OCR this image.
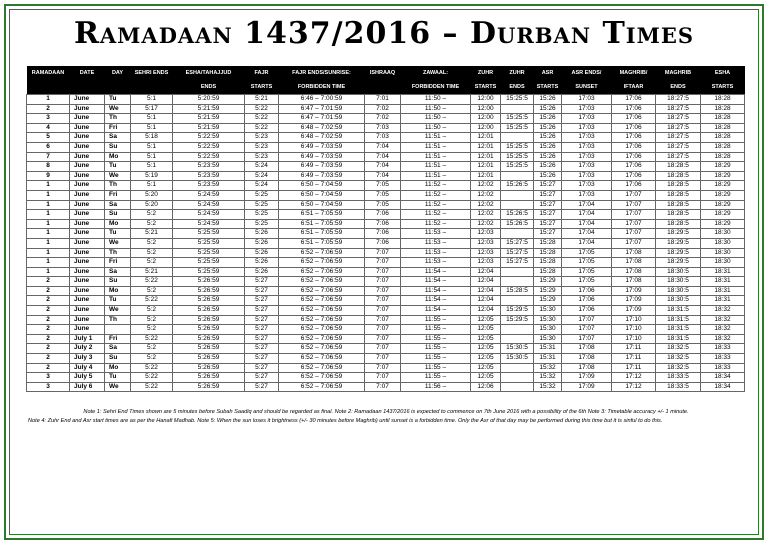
Ramadaan 1437/2016 – Durban Times
RAMADAAN	DATE	DAY	SEHRI ENDS	ESHA/TAHAJJUD	FAJR	FAJR ENDS/SUNRISE:	ISHRAAQ	ZAWAAL:	ZUHR	ZUHR	ASR	ASR ENDS/	MAGHRIB/	MAGHRIB	ESHA
				ENDS	STARTS	FORBIDDEN TIME		FORBIDDEN TIME	STARTS	ENDS	STARTS	SUNSET	IFTAAR	ENDS	STARTS
1	June	Tu	5:1	5:20:59	5:21	6:46 – 7:00:59	7:01	11:50 –	12:00	15:25:5	15:26	17:03	17:06	18:27:5	18:28
2	June	We	5:17	5:21:59	5:22	6:47 – 7:01:59	7:02	11:50 –	12:00		15:26	17:03	17:06	18:27:5	18:28
3	June	Th	5:1	5:21:59	5:22	6:47 – 7:01:59	7:02	11:50 –	12:00	15:25:5	15:26	17:03	17:06	18:27:5	18:28
4	June	Fri	5:1	5:21:59	5:22	6:48 – 7:02:59	7:03	11:50 –	12:00	15:25:5	15:26	17:03	17:06	18:27:5	18:28
5	June	Sa	5:18	5:22:59	5:23	6:48 – 7:02:59	7:03	11:51 –	12:01		15:26	17:03	17:06	18:27:5	18:28
6	June	Su	5:1	5:22:59	5:23	6:49 – 7:03:59	7:04	11:51 –	12:01	15:25:5	15:26	17:03	17:06	18:27:5	18:28
7	June	Mo	5:1	5:22:59	5:23	6:49 – 7:03:59	7:04	11:51 –	12:01	15:25:5	15:26	17:03	17:06	18:27:5	18:28
8	June	Tu	5:1	5:23:59	5:24	6:49 – 7:03:59	7:04	11:51 –	12:01	15:25:5	15:26	17:03	17:06	18:28:5	18:29
9	June	We	5:19	5:23:59	5:24	6:49 – 7:03:59	7:04	11:51 –	12:01		15:26	17:03	17:06	18:28:5	18:29
1	June	Th	5:1	5:23:59	5:24	6:50 – 7:04:59	7:05	11:52 –	12:02	15:26:5	15:27	17:03	17:06	18:28:5	18:29
1	June	Fri	5:20	5:24:59	5:25	6:50 – 7:04:59	7:05	11:52 –	12:02		15:27	17:03	17:07	18:28:5	18:29
1	June	Sa	5:20	5:24:59	5:25	6:50 – 7:04:59	7:05	11:52 –	12:02		15:27	17:04	17:07	18:28:5	18:29
1	June	Su	5:2	5:24:59	5:25	6:51 – 7:05:59	7:06	11:52 –	12:02	15:26:5	15:27	17:04	17:07	18:28:5	18:29
1	June	Mo	5:2	5:24:59	5:25	6:51 – 7:05:59	7:06	11:52 –	12:02	15:26:5	15:27	17:04	17:07	18:28:5	18:29
1	June	Tu	5:21	5:25:59	5:26	6:51 – 7:05:59	7:06	11:53 –	12:03		15:27	17:04	17:07	18:29:5	18:30
1	June	We	5:2	5:25:59	5:26	6:51 – 7:05:59	7:06	11:53 –	12:03	15:27:5	15:28	17:04	17:07	18:29:5	18:30
1	June	Th	5:2	5:25:59	5:26	6:52 – 7:06:59	7:07	11:53 –	12:03	15:27:5	15:28	17:05	17:08	18:29:5	18:30
1	June	Fri	5:2	5:25:59	5:26	6:52 – 7:06:59	7:07	11:53 –	12:03	15:27:5	15:28	17:05	17:08	18:29:5	18:30
1	June	Sa	5:21	5:25:59	5:26	6:52 – 7:06:59	7:07	11:54 –	12:04		15:28	17:05	17:08	18:30:5	18:31
2	June	Su	5:22	5:26:59	5:27	6:52 – 7:06:59	7:07	11:54 –	12:04		15:29	17:05	17:08	18:30:5	18:31
2	June	Mo	5:2	5:26:59	5:27	6:52 – 7:06:59	7:07	11:54 –	12:04	15:28:5	15:29	17:06	17:09	18:30:5	18:31
2	June	Tu	5:22	5:26:59	5:27	6:52 – 7:06:59	7:07	11:54 –	12:04		15:29	17:06	17:09	18:30:5	18:31
2	June	We	5:2	5:26:59	5:27	6:52 – 7:06:59	7:07	11:54 –	12:04	15:29:5	15:30	17:06	17:09	18:31:5	18:32
2	June	Th	5:2	5:26:59	5:27	6:52 – 7:06:59	7:07	11:55 –	12:05	15:29:5	15:30	17:07	17:10	18:31:5	18:32
2	June		5:2	5:26:59	5:27	6:52 – 7:06:59	7:07	11:55 –	12:05		15:30	17:07	17:10	18:31:5	18:32
2	July 1	Fri	5:22	5:26:59	5:27	6:52 – 7:06:59	7:07	11:55 –	12:05		15:30	17:07	17:10	18:31:5	18:32
2	July 2	Sa	5:2	5:26:59	5:27	6:52 – 7:06:59	7:07	11:55 –	12:05	15:30:5	15:31	17:08	17:11	18:32:5	18:33
2	July 3	Su	5:2	5:26:59	5:27	6:52 – 7:06:59	7:07	11:55 –	12:05	15:30:5	15:31	17:08	17:11	18:32:5	18:33
2	July 4	Mo	5:22	5:26:59	5:27	6:52 – 7:06:59	7:07	11:55 –	12:05		15:32	17:08	17:11	18:32:5	18:33
3	July 5	Tu	5:22	5:26:59	5:27	6:52 – 7:06:59	7:07	11:55 –	12:05		15:32	17:09	17:12	18:33:5	18:34
3	July 6	We	5:22	5:26:59	5:27	6:52 – 7:06:59	7:07	11:56 –	12:06		15:32	17:09	17:12	18:33:5	18:34
Note 1: Sehri End Times shown are 5 minutes before Subah Saadiq and should be regarded as final. Note 2: Ramadaan 1437/2016 is expected to commence on 7th June 2016 with a possibility of the 6th Note 3: Timetable accuracy +/- 1 minute.
Note 4: Zuhr End and Asr start times are as per the Hanafi Madhab. Note 5: When the sun loses it brightness (+/- 30 minutes before Maghrib) until sunset is a forbidden time. Only the Asr of that day may be performed during this time but it is sinful to do this.
